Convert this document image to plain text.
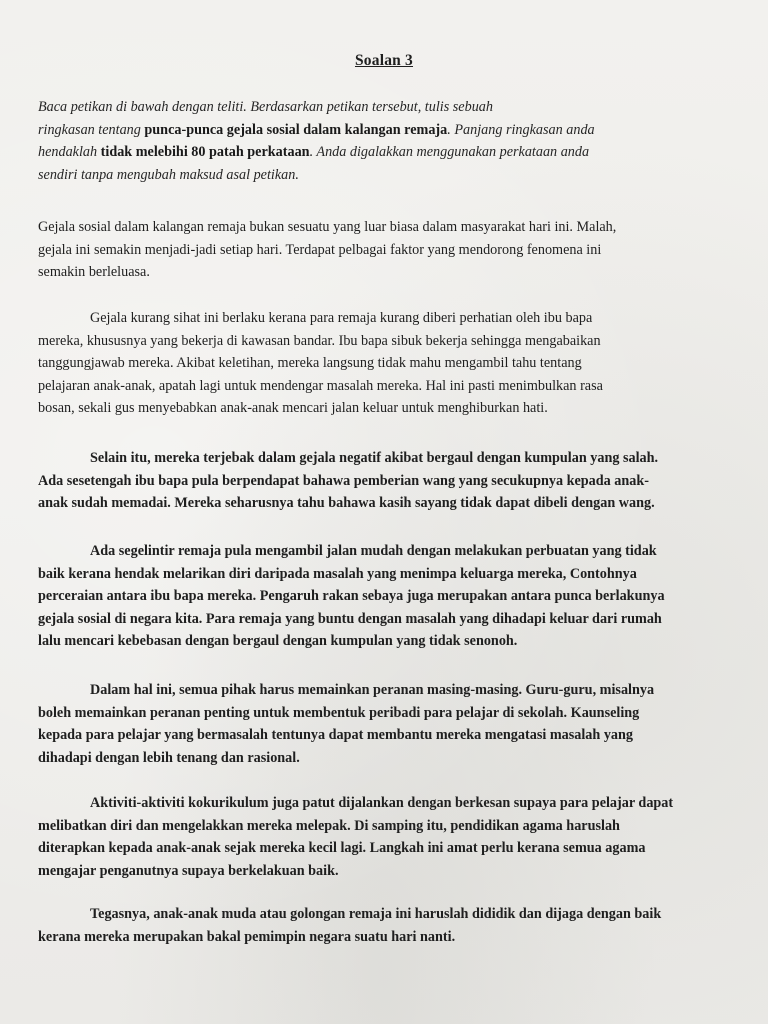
Soalan 3
Baca petikan di bawah dengan teliti. Berdasarkan petikan tersebut, tulis sebuah
ringkasan tentang punca-punca gejala sosial dalam kalangan remaja. Panjang ringkasan anda
hendaklah tidak melebihi 80 patah perkataan. Anda digalakkan menggunakan perkataan anda
sendiri tanpa mengubah maksud asal petikan.
Gejala sosial dalam kalangan remaja bukan sesuatu yang luar biasa dalam masyarakat hari ini. Malah,
gejala ini semakin menjadi-jadi setiap hari. Terdapat pelbagai faktor yang mendorong fenomena ini
semakin berleluasa.
Gejala kurang sihat ini berlaku kerana para remaja kurang diberi perhatian oleh ibu bapa
mereka, khususnya yang bekerja di kawasan bandar. Ibu bapa sibuk bekerja sehingga mengabaikan
tanggungjawab mereka. Akibat keletihan, mereka langsung tidak mahu mengambil tahu tentang
pelajaran anak-anak, apatah lagi untuk mendengar masalah mereka. Hal ini pasti menimbulkan rasa
bosan, sekali gus menyebabkan anak-anak mencari jalan keluar untuk menghiburkan hati.
Selain itu, mereka terjebak dalam gejala negatif akibat bergaul dengan kumpulan yang salah.
Ada sesetengah ibu bapa pula berpendapat bahawa pemberian wang yang secukupnya kepada anak-
anak sudah memadai. Mereka seharusnya tahu bahawa kasih sayang tidak dapat dibeli dengan wang.
Ada segelintir remaja pula mengambil jalan mudah dengan melakukan perbuatan yang tidak
baik kerana hendak melarikan diri daripada masalah yang menimpa keluarga mereka, Contohnya
perceraian antara ibu bapa mereka. Pengaruh rakan sebaya juga merupakan antara punca berlakunya
gejala sosial di negara kita. Para remaja yang buntu dengan masalah yang dihadapi keluar dari rumah
lalu mencari kebebasan dengan bergaul dengan kumpulan yang tidak senonoh.
Dalam hal ini, semua pihak harus memainkan peranan masing-masing. Guru-guru, misalnya
boleh memainkan peranan penting untuk membentuk peribadi para pelajar di sekolah. Kaunseling
kepada para pelajar yang bermasalah tentunya dapat membantu mereka mengatasi masalah yang
dihadapi dengan lebih tenang dan rasional.
Aktiviti-aktiviti kokurikulum juga patut dijalankan dengan berkesan supaya para pelajar dapat
melibatkan diri dan mengelakkan mereka melepak. Di samping itu, pendidikan agama haruslah
diterapkan kepada anak-anak sejak mereka kecil lagi. Langkah ini amat perlu kerana semua agama
mengajar penganutnya supaya berkelakuan baik.
Tegasnya, anak-anak muda atau golongan remaja ini haruslah dididik dan dijaga dengan baik
kerana mereka merupakan bakal pemimpin negara suatu hari nanti.
